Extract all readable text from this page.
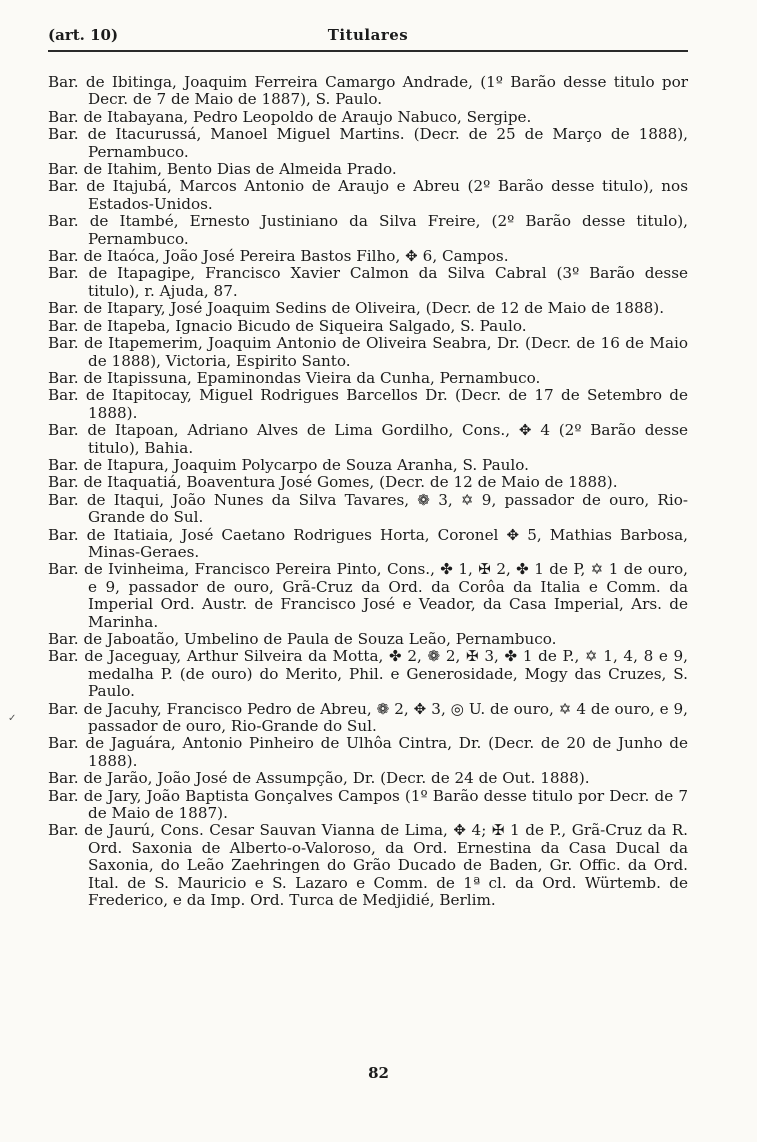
(art. 10)	Titulares

Bar. de Ibitinga, Joaquim Ferreira Camargo Andrade, (1º Barão desse titulo por Decr. de 7 de Maio de 1887), S. Paulo.

Bar. de Itabayana, Pedro Leopoldo de Araujo Nabuco, Sergipe.

Bar. de Itacurussá, Manoel Miguel Martins. (Decr. de 25 de Março de 1888), Pernambuco.

Bar. de Itahim, Bento Dias de Almeida Prado.

Bar. de Itajubá, Marcos Antonio de Araujo e Abreu (2º Barão desse titulo), nos Estados-Unidos.

Bar. de Itambé, Ernesto Justiniano da Silva Freire, (2º Barão desse titulo), Pernambuco.

Bar. de Itaóca, João José Pereira Bastos Filho, ✥ 6, Campos.

Bar. de Itapagipe, Francisco Xavier Calmon da Silva Cabral (3º Barão desse titulo), r. Ajuda, 87.

Bar. de Itapary, José Joaquim Sedins de Oliveira, (Decr. de 12 de Maio de 1888).

Bar. de Itapeba, Ignacio Bicudo de Siqueira Salgado, S. Paulo.

Bar. de Itapemerim, Joaquim Antonio de Oliveira Seabra, Dr. (Decr. de 16 de Maio de 1888), Victoria, Espirito Santo.

Bar. de Itapissuna, Epaminondas Vieira da Cunha, Pernambuco.

Bar. de Itapitocay, Miguel Rodrigues Barcellos Dr. (Decr. de 17 de Setembro de 1888).

Bar. de Itapoan, Adriano Alves de Lima Gordilho, Cons., ✥ 4 (2º Barão desse titulo), Bahia.

Bar. de Itapura, Joaquim Polycarpo de Souza Aranha, S. Paulo.

Bar. de Itaquatiá, Boaventura José Gomes, (Decr. de 12 de Maio de 1888).

Bar. de Itaqui, João Nunes da Silva Tavares, ❁ 3, ✡ 9, passador de ouro, Rio-Grande do Sul.

Bar. de Itatiaia, José Caetano Rodrigues Horta, Coronel ✥ 5, Mathias Barbosa, Minas-Geraes.

Bar. de Ivinheima, Francisco Pereira Pinto, Cons., ✤ 1, ✠ 2, ✤ 1 de P, ✡ 1 de ouro, e 9, passador de ouro, Grã-Cruz da Ord. da Corôa da Italia e Comm. da Imperial Ord. Austr. de Francisco José e Veador, da Casa Imperial, Ars. de Marinha.

Bar. de Jaboatão, Umbelino de Paula de Souza Leão, Pernambuco.

Bar. de Jaceguay, Arthur Silveira da Motta, ✤ 2, ❁ 2, ✠ 3, ✤ 1 de P., ✡ 1, 4, 8 e 9, medalha P. (de ouro) do Merito, Phil. e Generosidade, Mogy das Cruzes, S. Paulo.

Bar. de Jacuhy, Francisco Pedro de Abreu, ❁ 2, ✥ 3, ◎ U. de ouro, ✡ 4 de ouro, e 9, passador de ouro, Rio-Grande do Sul.

Bar. de Jaguára, Antonio Pinheiro de Ulhôa Cintra, Dr. (Decr. de 20 de Junho de 1888).

Bar. de Jarão, João José de Assumpção, Dr. (Decr. de 24 de Out. 1888).

Bar. de Jary, João Baptista Gonçalves Campos (1º Barão desse titulo por Decr. de 7 de Maio de 1887).

Bar. de Jaurú, Cons. Cesar Sauvan Vianna de Lima, ✥ 4; ✠ 1 de P., Grã-Cruz da R. Ord. Saxonia de Alberto-o-Valoroso, da Ord. Ernestina da Casa Ducal da Saxonia, do Leão Zaehringen do Grão Ducado de Baden, Gr. Offic. da Ord. Ital. de S. Mauricio e S. Lazaro e Comm. de 1ª cl. da Ord. Würtemb. de Frederico, e da Imp. Ord. Turca de Medjidié, Berlim.

82
✓
